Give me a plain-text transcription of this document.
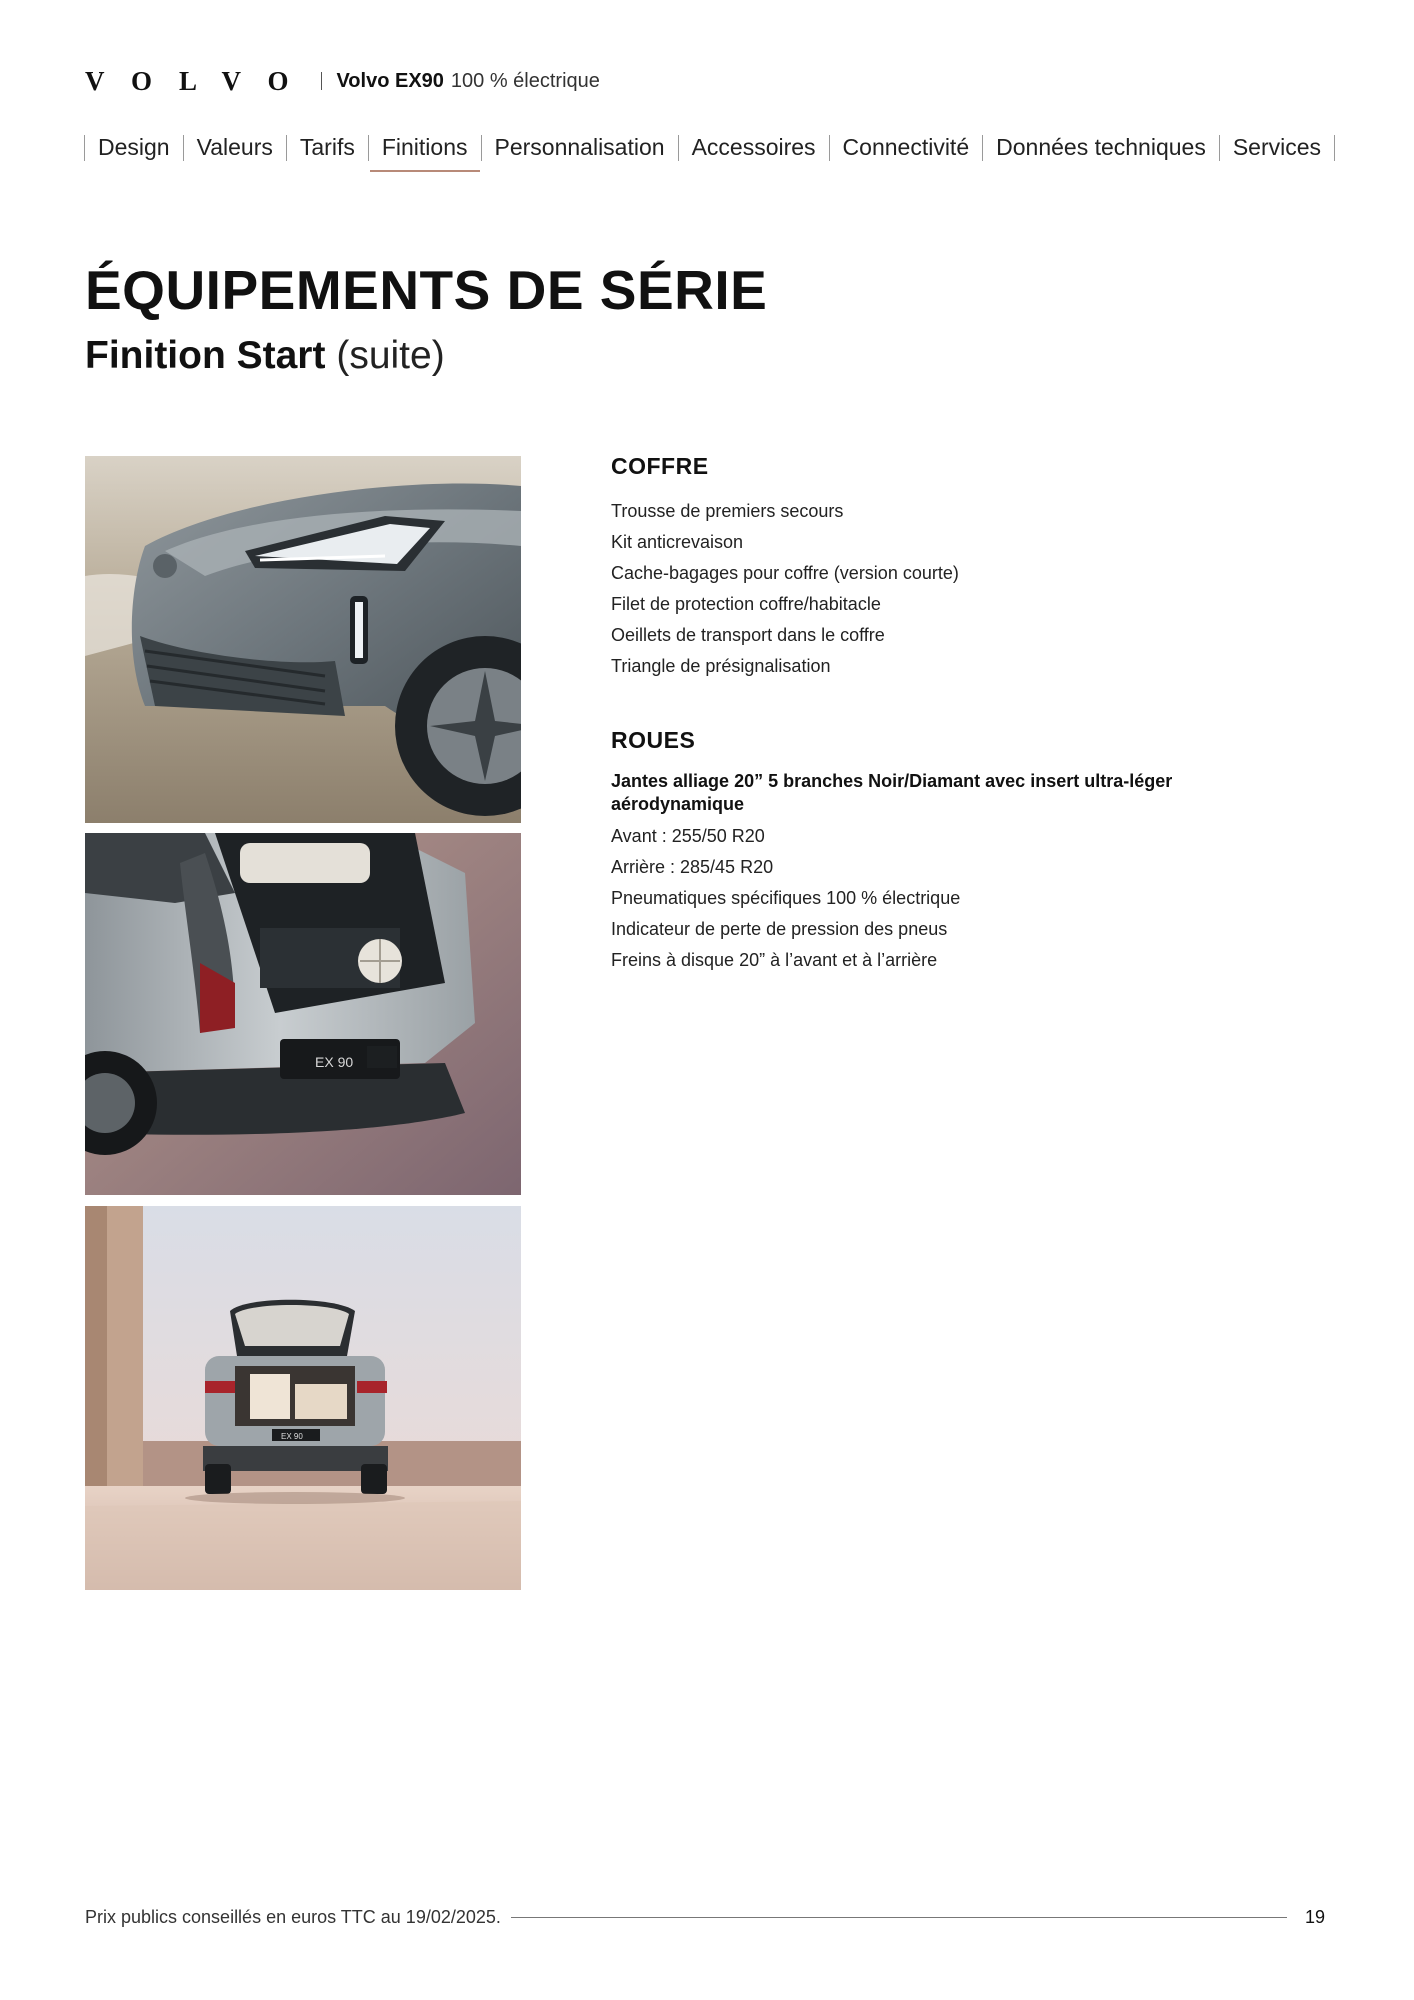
VOLVO Volvo EX90 100 % électrique
Design	Valeurs	Tarifs	Finitions	Personnalisation	Accessoires	Connectivité	Données techniques	Services
ÉQUIPEMENTS DE SÉRIE

Finition Start (suite)

EX 90
EX 90
COFFRE
Trousse de premiers secours
Kit anticrevaison
Cache-bagages pour coffre (version courte)
Filet de protection coffre/habitacle
Oeillets de transport dans le coffre
Triangle de présignalisation
ROUES

Jantes alliage 20” 5 branches Noir/Diamant avec insert ultra-léger aérodynamique

Avant : 255/50 R20
Arrière : 285/45 R20
Pneumatiques spécifiques 100 % électrique
Indicateur de perte de pression des pneus
Freins à disque 20” à l’avant et à l’arrière
Prix publics conseillés en euros TTC au 19/02/2025.	19
